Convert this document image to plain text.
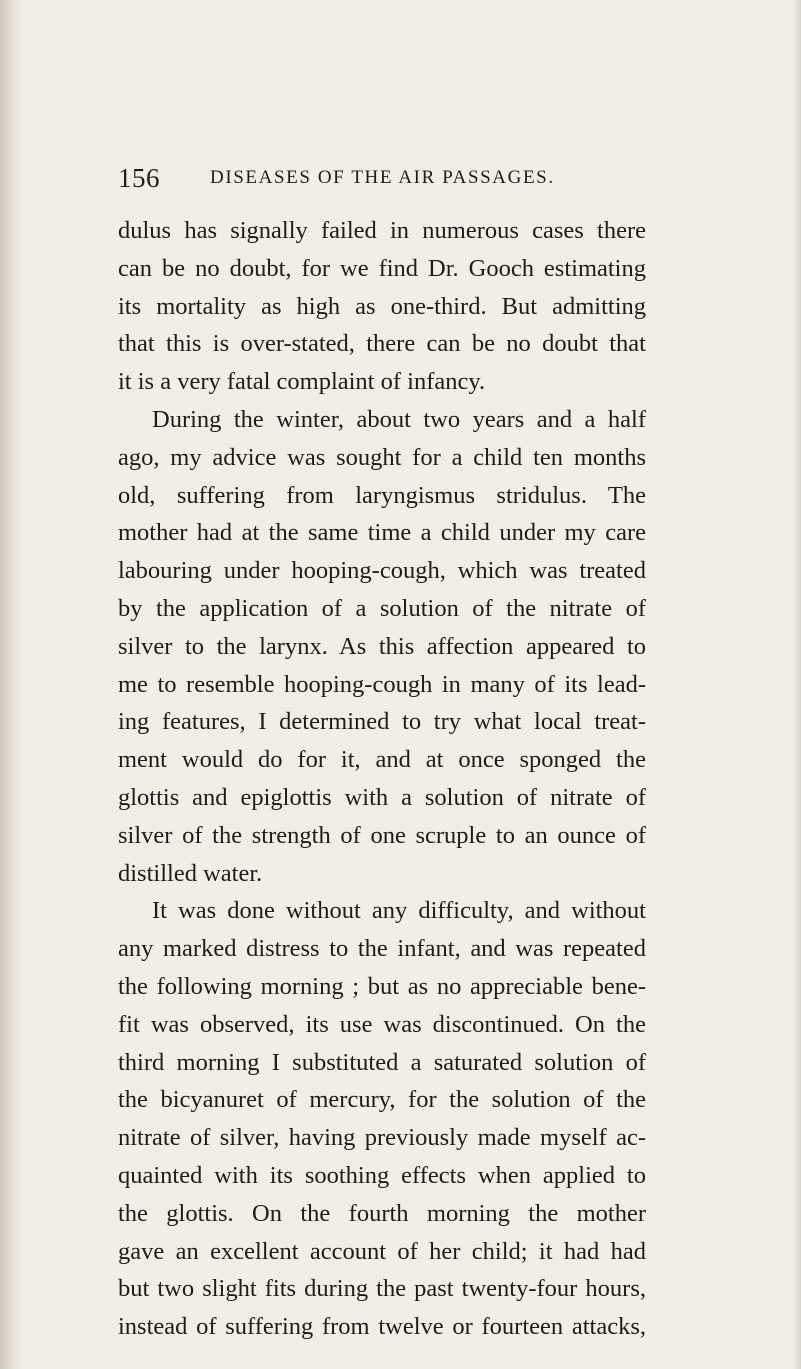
156	DISEASES OF THE AIR PASSAGES.
dulus has signally failed in numerous cases there
can be no doubt, for we find Dr. Gooch estimating
its mortality as high as one-third. But admitting
that this is over-stated, there can be no doubt that
it is a very fatal complaint of infancy.
During the winter, about two years and a half
ago, my advice was sought for a child ten months
old, suffering from laryngismus stridulus. The
mother had at the same time a child under my care
labouring under hooping-cough, which was treated
by the application of a solution of the nitrate of
silver to the larynx. As this affection appeared to
me to resemble hooping-cough in many of its lead-
ing features, I determined to try what local treat-
ment would do for it, and at once sponged the
glottis and epiglottis with a solution of nitrate of
silver of the strength of one scruple to an ounce of
distilled water.
It was done without any difficulty, and without
any marked distress to the infant, and was repeated
the following morning ; but as no appreciable bene-
fit was observed, its use was discontinued. On the
third morning I substituted a saturated solution of
the bicyanuret of mercury, for the solution of the
nitrate of silver, having previously made myself ac-
quainted with its soothing effects when applied to
the glottis. On the fourth morning the mother
gave an excellent account of her child; it had had
but two slight fits during the past twenty-four hours,
instead of suffering from twelve or fourteen attacks,
